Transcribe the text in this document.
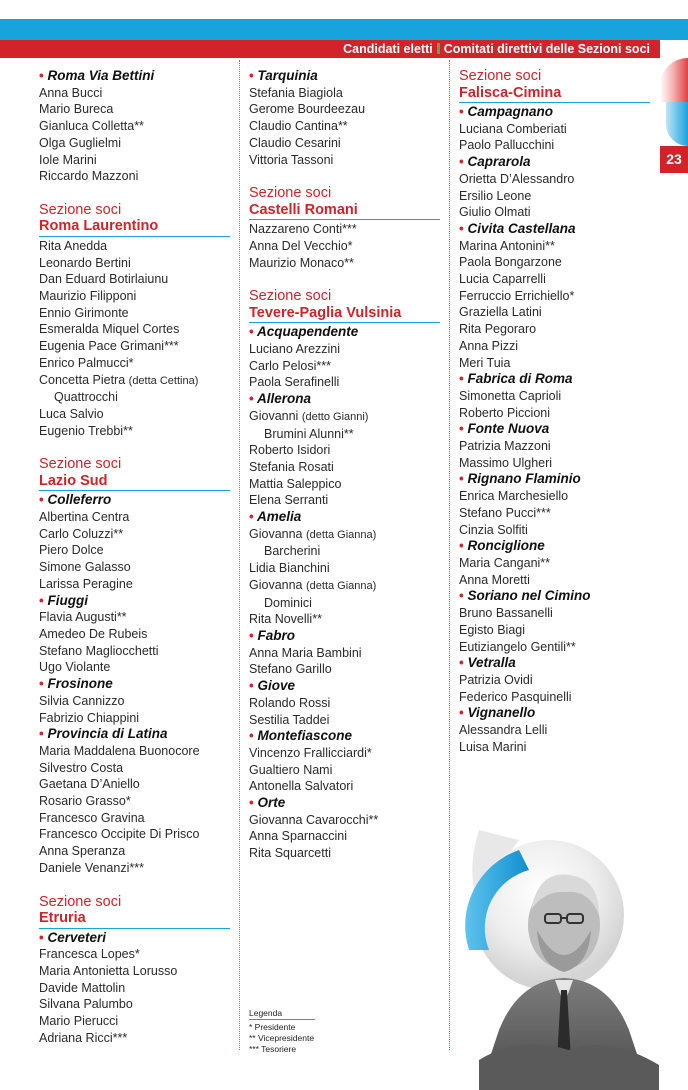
Candidati eletti Comitati direttivi delle Sezioni soci
23
• Roma Via Bettini
Anna Bucci
Mario Bureca
Gianluca Colletta**
Olga Guglielmi
Iole Marini
Riccardo Mazzoni
Sezione soci
Roma Laurentino
Rita Anedda
Leonardo Bertini
Dan Eduard Botirlaiunu
Maurizio Filipponi
Ennio Girimonte
Esmeralda Miquel Cortes
Eugenia Pace Grimani***
Enrico Palmucci*
Concetta Pietra (detta Cettina)
Quattrocchi
Luca Salvio
Eugenio Trebbi**
Sezione soci
Lazio Sud
• Colleferro
Albertina Centra
Carlo Coluzzi**
Piero Dolce
Simone Galasso
Larissa Peragine
• Fiuggi
Flavia Augusti**
Amedeo De Rubeis
Stefano Magliocchetti
Ugo Violante
• Frosinone
Silvia Cannizzo
Fabrizio Chiappini
• Provincia di Latina
Maria Maddalena Buonocore
Silvestro Costa
Gaetana D’Aniello
Rosario Grasso*
Francesco Gravina
Francesco Occipite Di Prisco
Anna Speranza
Daniele Venanzi***
Sezione soci
Etruria
• Cerveteri
Francesca Lopes*
Maria Antonietta Lorusso
Davide Mattolin
Silvana Palumbo
Mario Pierucci
Adriana Ricci***
• Tarquinia
Stefania Biagiola
Gerome Bourdeezau
Claudio Cantina**
Claudio Cesarini
Vittoria Tassoni
Sezione soci
Castelli Romani
Nazzareno Conti***
Anna Del Vecchio*
Maurizio Monaco**
Sezione soci
Tevere-Paglia Vulsinia
• Acquapendente
Luciano Arezzini
Carlo Pelosi***
Paola Serafinelli
• Allerona
Giovanni (detto Gianni)
Brumini Alunni**
Roberto Isidori
Stefania Rosati
Mattia Saleppico
Elena Serranti
• Amelia
Giovanna (detta Gianna)
Barcherini
Lidia Bianchini
Giovanna (detta Gianna)
Dominici
Rita Novelli**
• Fabro
Anna Maria Bambini
Stefano Garillo
• Giove
Rolando Rossi
Sestilia Taddei
• Montefiascone
Vincenzo Frallicciardi*
Gualtiero Nami
Antonella Salvatori
• Orte
Giovanna Cavarocchi**
Anna Sparnaccini
Rita Squarcetti
Sezione soci
Falisca-Cimina
• Campagnano
Luciana Comberiati
Paolo Pallucchini
• Caprarola
Orietta D’Alessandro
Ersilio Leone
Giulio Olmati
• Civita Castellana
Marina Antonini**
Paola Bongarzone
Lucia Caparrelli
Ferruccio Errichiello*
Graziella Latini
Rita Pegoraro
Anna Pizzi
Meri Tuia
• Fabrica di Roma
Simonetta Caprioli
Roberto Piccioni
• Fonte Nuova
Patrizia Mazzoni
Massimo Ulgheri
• Rignano Flaminio
Enrica Marchesiello
Stefano Pucci***
Cinzia Solfiti
• Ronciglione
Maria Cangani**
Anna Moretti
• Soriano nel Cimino
Bruno Bassanelli
Egisto Biagi
Eutiziangelo Gentili**
• Vetralla
Patrizia Ovidi
Federico Pasquinelli
• Vignanello
Alessandra Lelli
Luisa Marini
Legenda
* Presidente
** Vicepresidente
*** Tesoriere
